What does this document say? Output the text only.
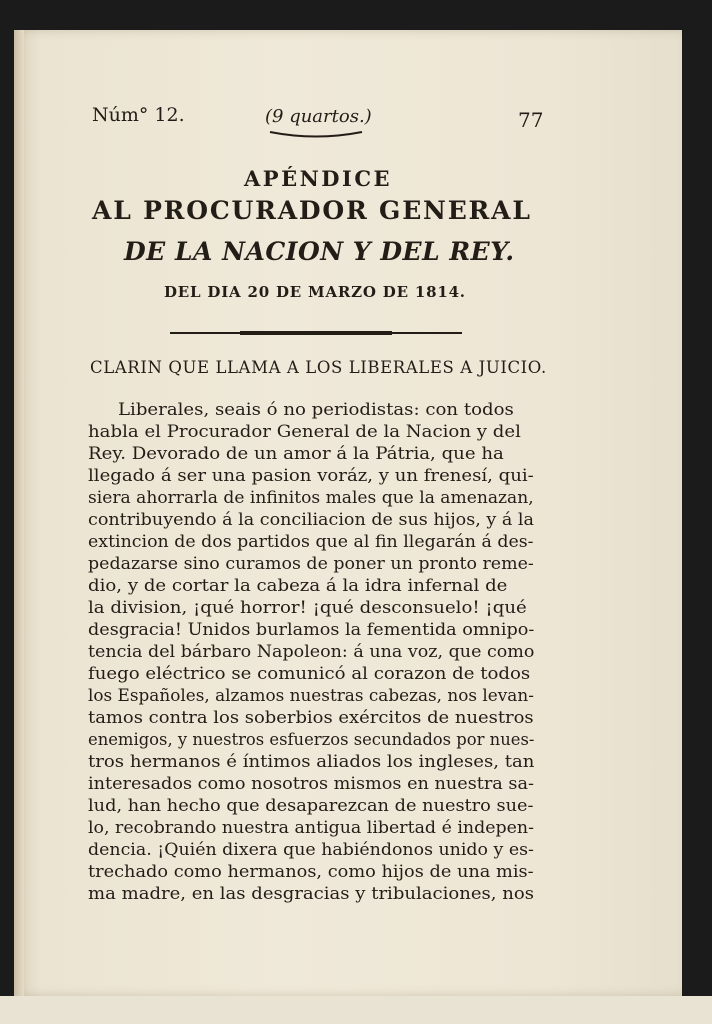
Núm° 12.	(9 quartos.)	77
APÉNDICE
AL PROCURADOR GENERAL
DE LA NACION Y DEL REY.
DEL DIA 20 DE MARZO DE 1814.
CLARIN QUE LLAMA A LOS LIBERALES A JUICIO.
Liberales, seais ó no periodistas: con todos
habla el Procurador General de la Nacion y del
Rey. Devorado de un amor á la Pátria, que ha
llegado á ser una pasion voráz, y un frenesí, qui-
siera ahorrarla de infinitos males que la amenazan,
contribuyendo á la conciliacion de sus hijos, y á la
extincion de dos partidos que al fin llegarán á des-
pedazarse sino curamos de poner un pronto reme-
dio, y de cortar la cabeza á la idra infernal de
la division, ¡qué horror! ¡qué desconsuelo! ¡qué
desgracia! Unidos burlamos la fementida omnipo-
tencia del bárbaro Napoleon: á una voz, que como
fuego eléctrico se comunicó al corazon de todos
los Españoles, alzamos nuestras cabezas, nos levan-
tamos contra los soberbios exércitos de nuestros
enemigos, y nuestros esfuerzos secundados por nues-
tros hermanos é íntimos aliados los ingleses, tan
interesados como nosotros mismos en nuestra sa-
lud, han hecho que desaparezcan de nuestro sue-
lo, recobrando nuestra antigua libertad é indepen-
dencia. ¡Quién dixera que habiéndonos unido y es-
trechado como hermanos, como hijos de una mis-
ma madre, en las desgracias y tribulaciones, nos
